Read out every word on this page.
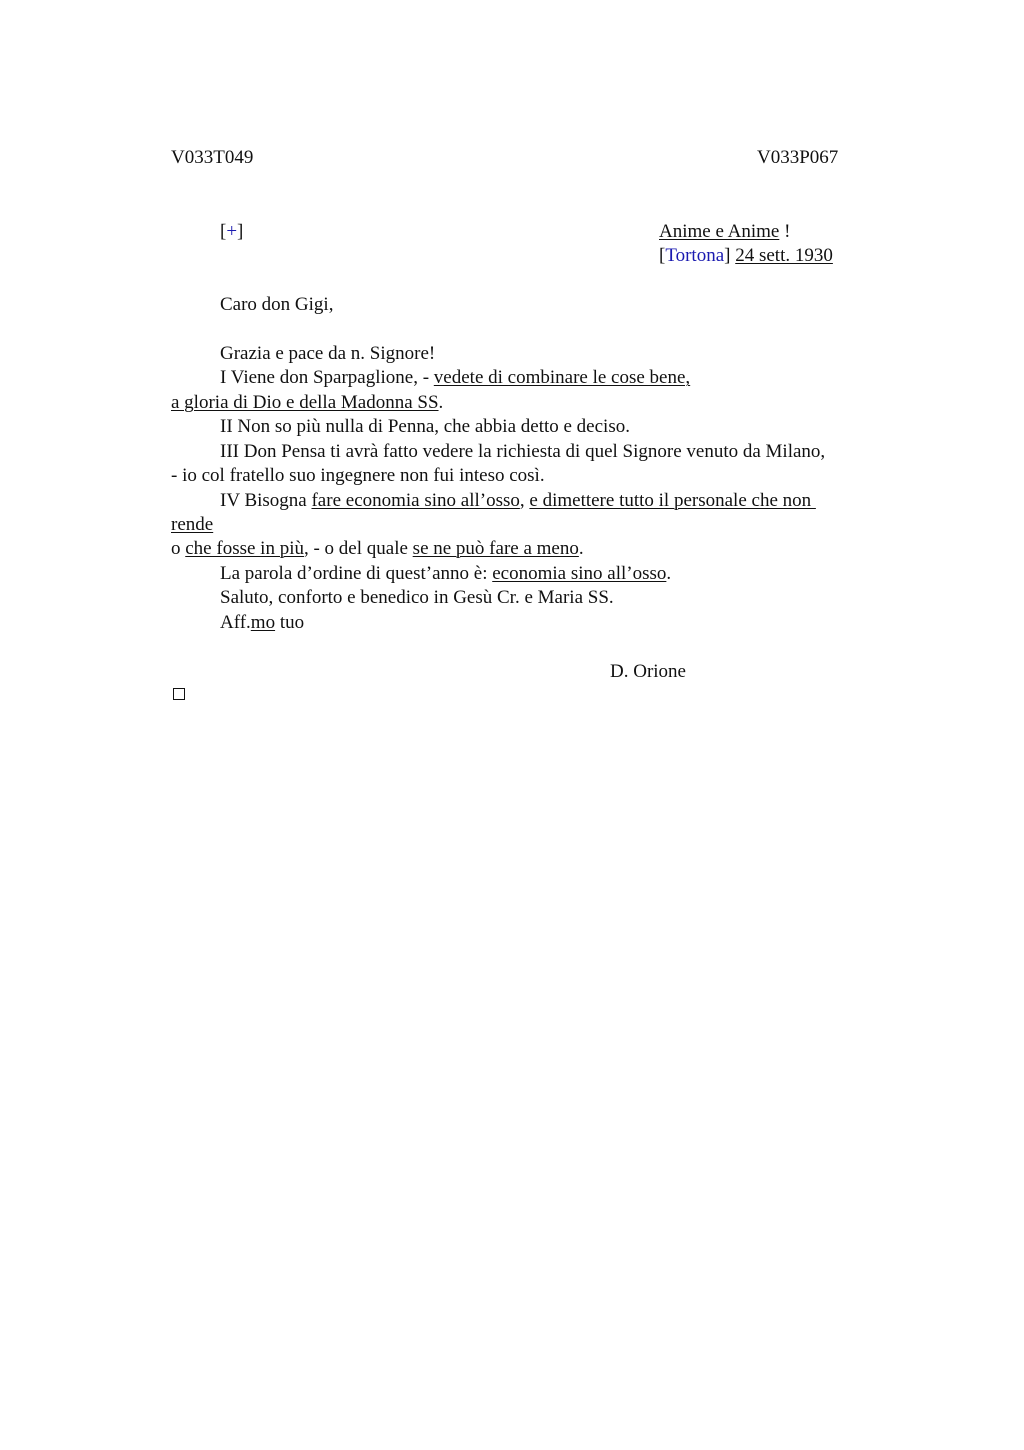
V033T049	V033P067
[+]	Anime e Anime !
[Tortona] 24 sett. 1930
Caro don Gigi,
Grazia e pace da n. Signore!
I Viene don Sparpaglione, - vedete di combinare le cose bene,
a gloria di Dio e della Madonna SS.
II Non so più nulla di Penna, che abbia detto e deciso.
III Don Pensa ti avrà fatto vedere la richiesta di quel Signore venuto da Milano,
- io col fratello suo ingegnere non fui inteso così.
IV Bisogna fare economia sino all’osso, e dimettere tutto il personale che non
rende
o che fosse in più, - o del quale se ne può fare a meno.
La parola d’ordine di quest’anno è: economia sino all’osso.
Saluto, conforto e benedico in Gesù Cr. e Maria SS.
Aff.mo tuo
D. Orione
